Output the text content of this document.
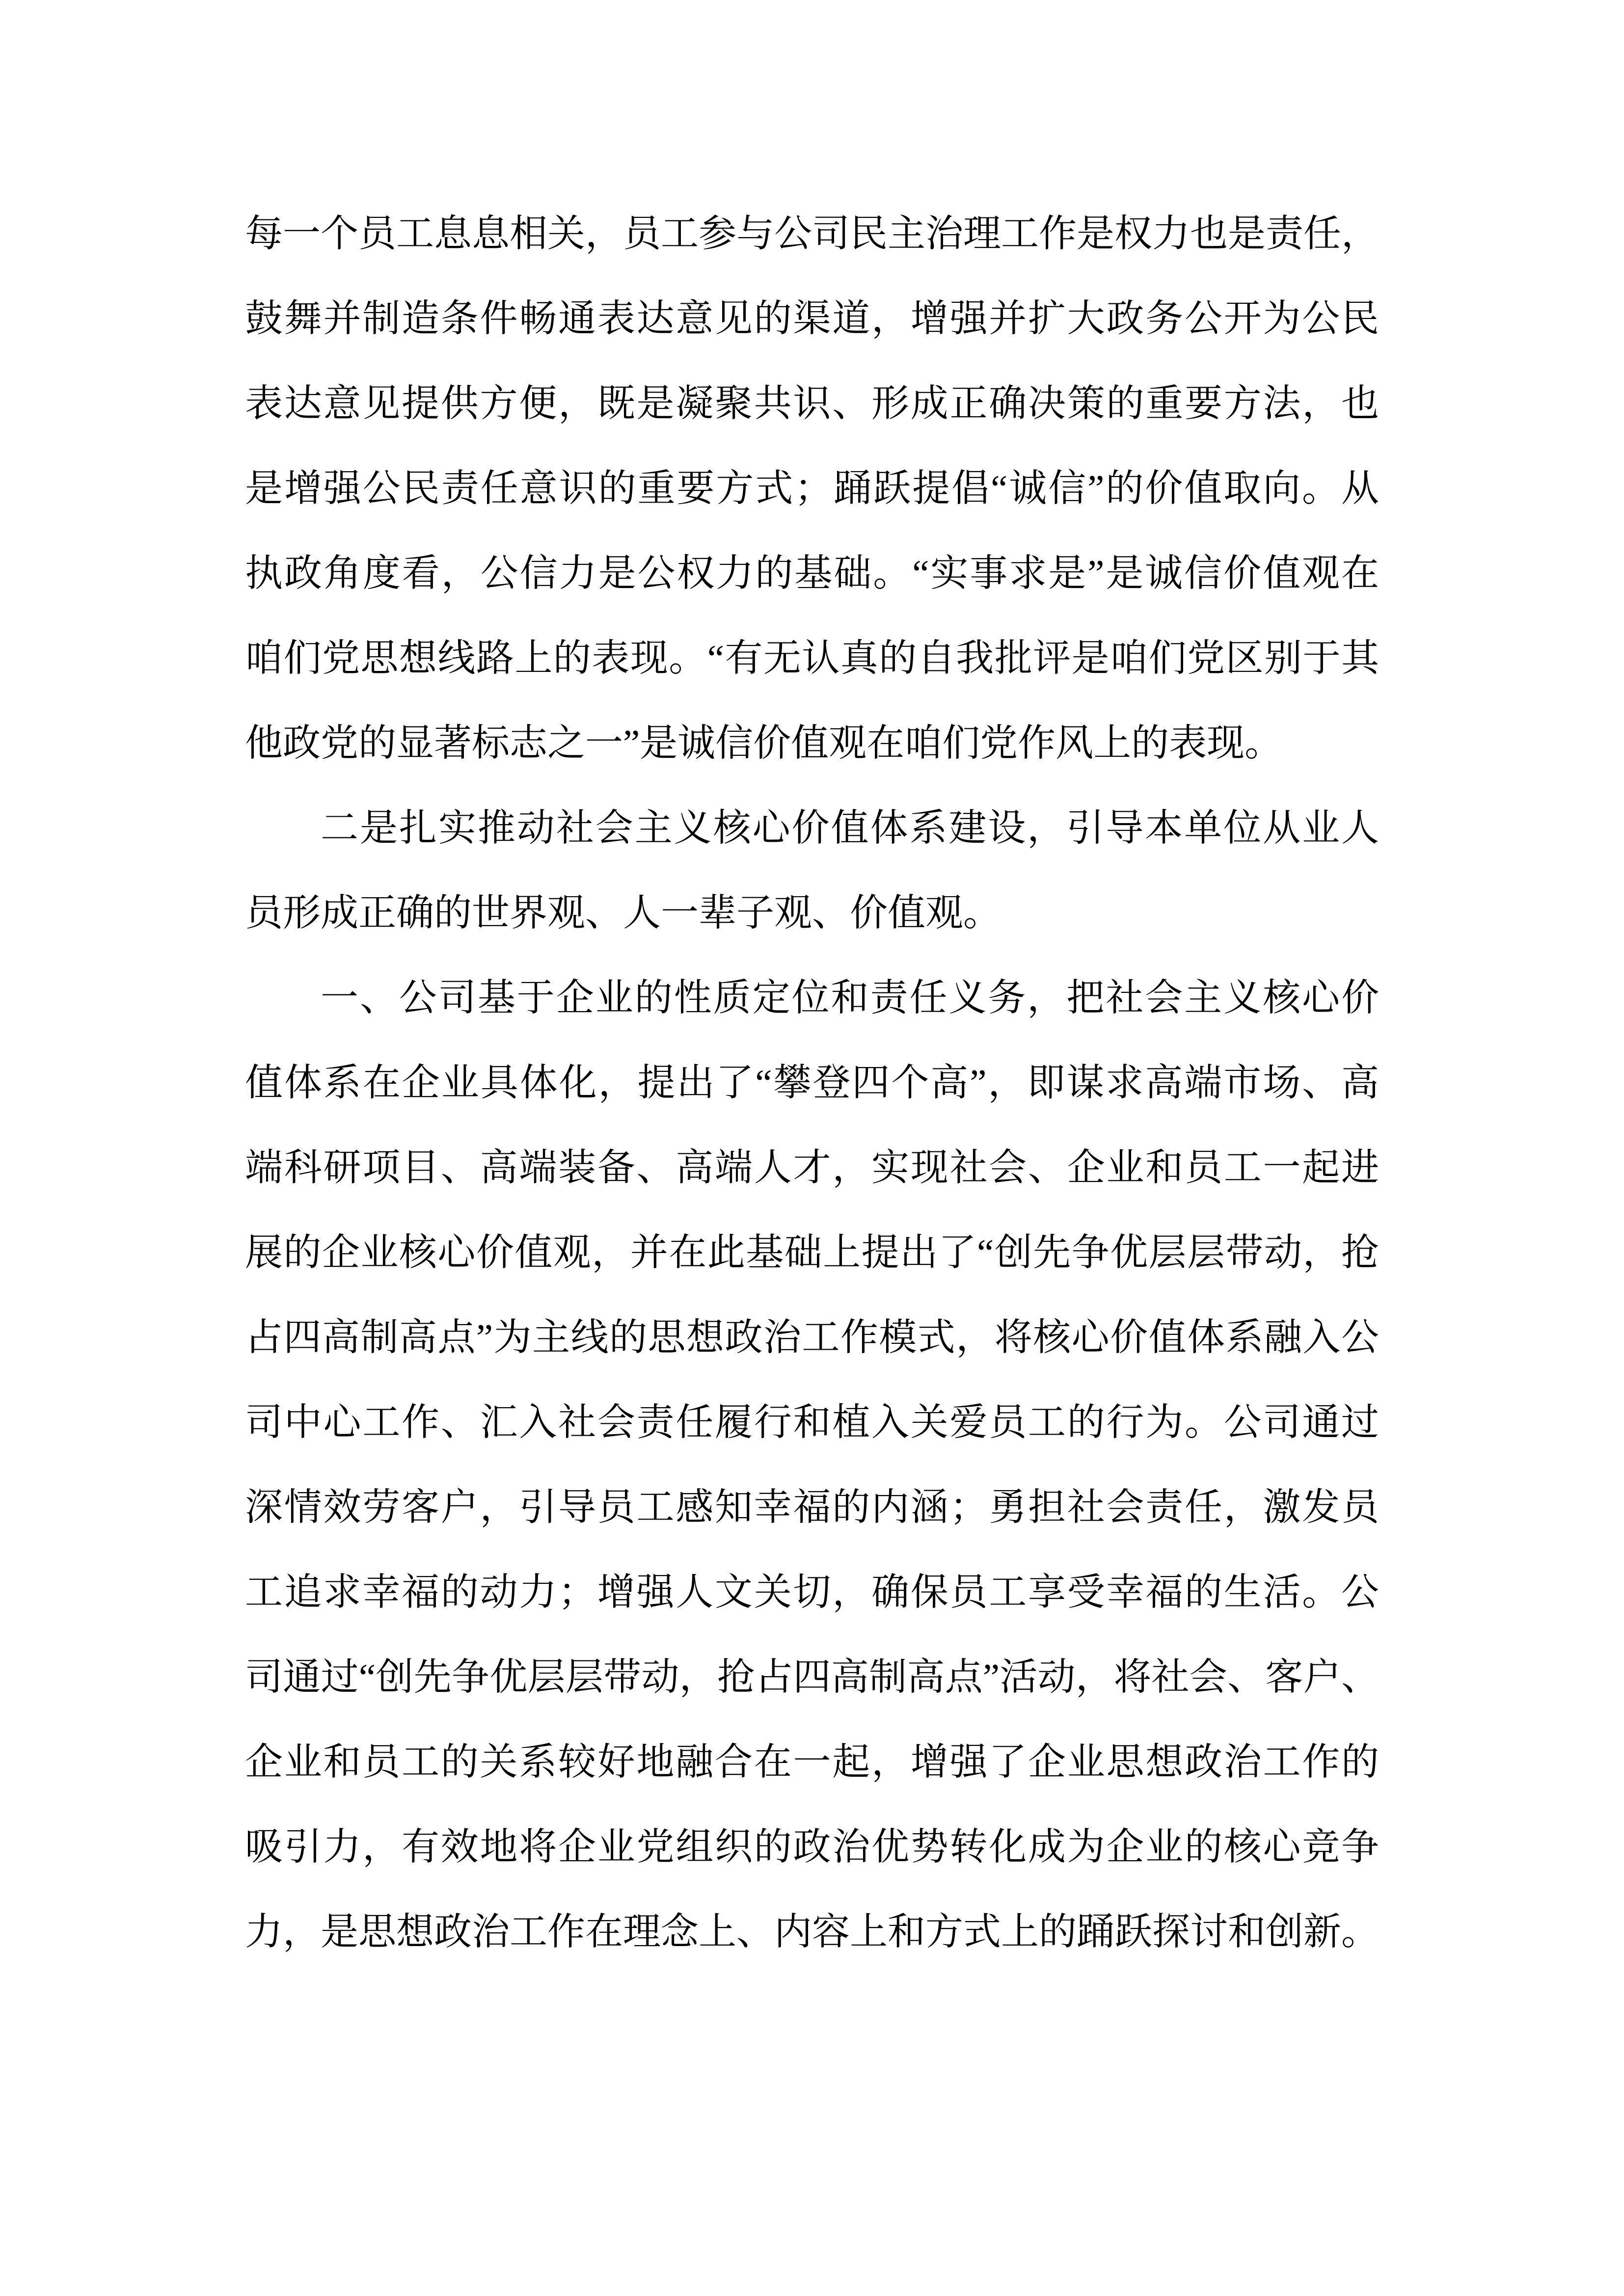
每一个员工息息相关，员工参与公司民主治理工作是权力也是责任，
鼓舞并制造条件畅通表达意见的渠道，增强并扩大政务公开为公民
表达意见提供方便，既是凝聚共识、形成正确决策的重要方法，也
是增强公民责任意识的重要方式；踊跃提倡“诚信”的价值取向。从
执政角度看，公信力是公权力的基础。“实事求是”是诚信价值观在
咱们党思想线路上的表现。“有无认真的自我批评是咱们党区别于其
他政党的显著标志之一”是诚信价值观在咱们党作风上的表现。
二是扎实推动社会主义核心价值体系建设，引导本单位从业人
员形成正确的世界观、人一辈子观、价值观。
一、公司基于企业的性质定位和责任义务，把社会主义核心价
值体系在企业具体化，提出了“攀登四个高”，即谋求高端市场、高
端科研项目、高端装备、高端人才，实现社会、企业和员工一起进
展的企业核心价值观，并在此基础上提出了“创先争优层层带动，抢
占四高制高点”为主线的思想政治工作模式，将核心价值体系融入公
司中心工作、汇入社会责任履行和植入关爱员工的行为。公司通过
深情效劳客户，引导员工感知幸福的内涵；勇担社会责任，激发员
工追求幸福的动力；增强人文关切，确保员工享受幸福的生活。公
司通过“创先争优层层带动，抢占四高制高点”活动，将社会、客户、
企业和员工的关系较好地融合在一起，增强了企业思想政治工作的
吸引力，有效地将企业党组织的政治优势转化成为企业的核心竞争
力，是思想政治工作在理念上、内容上和方式上的踊跃探讨和创新。
